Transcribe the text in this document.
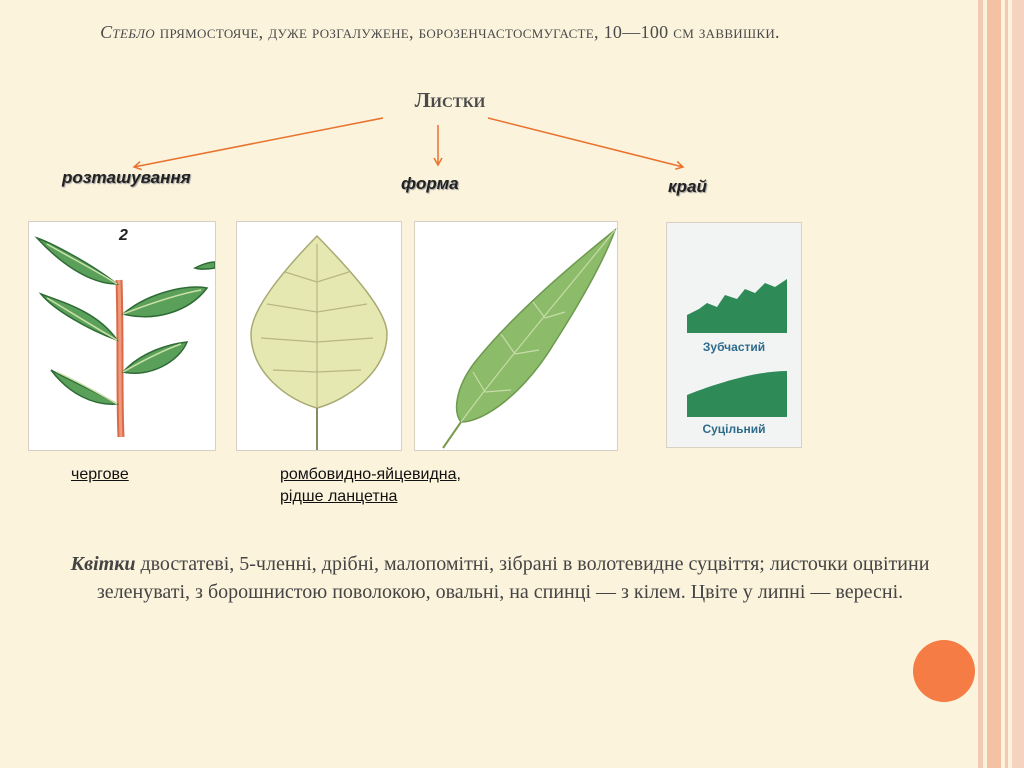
Стебло прямостояче, дуже розгалужене, борозенчастосмугасте, 10—100 см заввишки.
Листки
розташування	форма	край
2
Зубчастий
Суцільний
чергове	ромбовидно-яйцевидна,
рідше ланцетна
Квітки двостатеві, 5-членні, дрібні, малопомітні, зібрані в волотевидне суцвіття; листочки оцвітини зеленуваті, з борошнистою поволокою, овальні, на спинці — з кілем. Цвіте у липні — вересні.
